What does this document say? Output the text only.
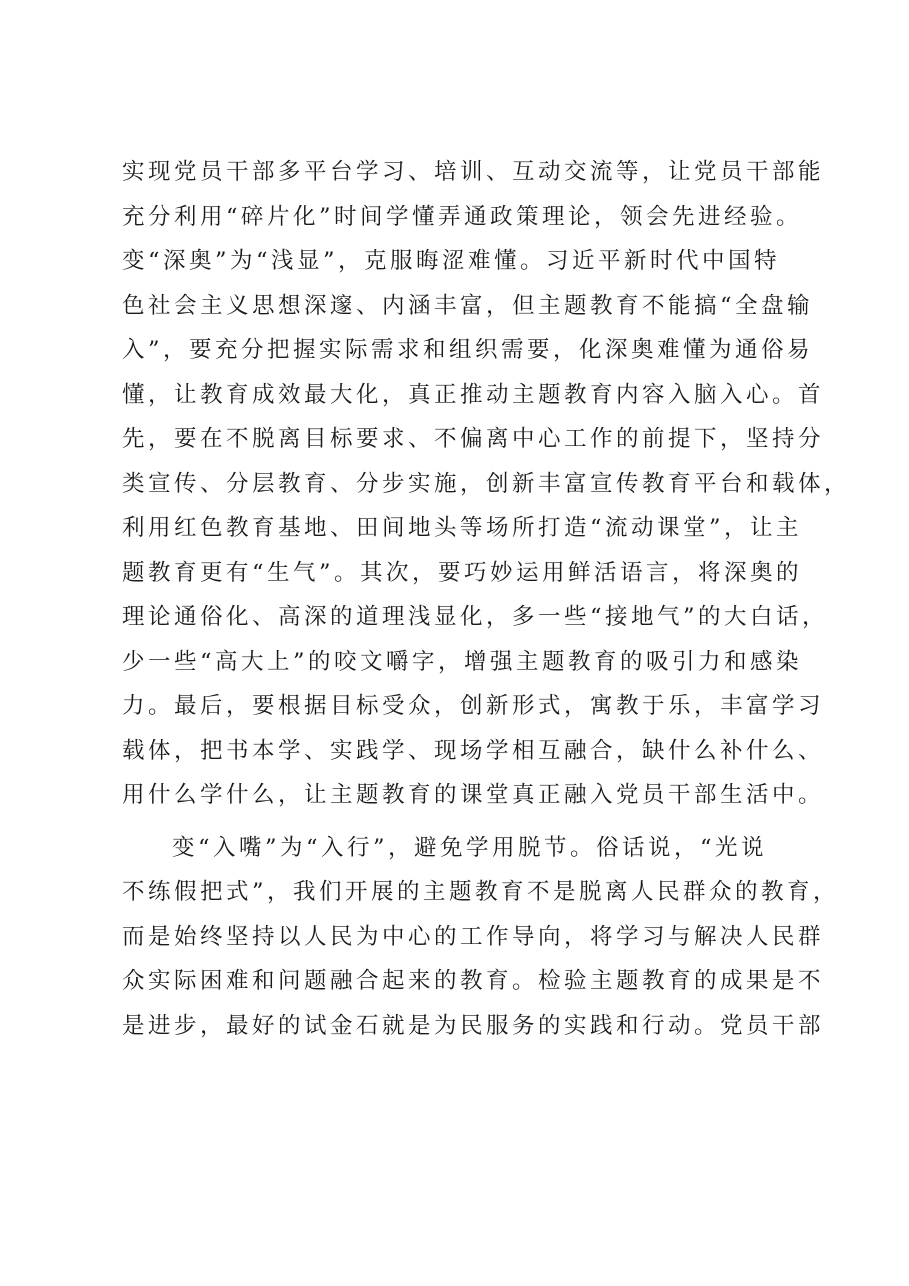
实现党员干部多平台学习、培训、互动交流等，让党员干部能
充分利用“碎片化”时间学懂弄通政策理论，领会先进经验。
变“深奥”为“浅显”，克服晦涩难懂。习近平新时代中国特
色社会主义思想深邃、内涵丰富，但主题教育不能搞“全盘输
入”，要充分把握实际需求和组织需要，化深奥难懂为通俗易
懂，让教育成效最大化，真正推动主题教育内容入脑入心。首
先，要在不脱离目标要求、不偏离中心工作的前提下，坚持分
类宣传、分层教育、分步实施，创新丰富宣传教育平台和载体，
利用红色教育基地、田间地头等场所打造“流动课堂”，让主
题教育更有“生气”。其次，要巧妙运用鲜活语言，将深奥的
理论通俗化、高深的道理浅显化，多一些“接地气”的大白话，
少一些“高大上”的咬文嚼字，增强主题教育的吸引力和感染
力。最后，要根据目标受众，创新形式，寓教于乐，丰富学习
载体，把书本学、实践学、现场学相互融合，缺什么补什么、
用什么学什么，让主题教育的课堂真正融入党员干部生活中。
变“入嘴”为“入行”，避免学用脱节。俗话说，“光说
不练假把式”，我们开展的主题教育不是脱离人民群众的教育，
而是始终坚持以人民为中心的工作导向，将学习与解决人民群
众实际困难和问题融合起来的教育。检验主题教育的成果是不
是进步，最好的试金石就是为民服务的实践和行动。党员干部
